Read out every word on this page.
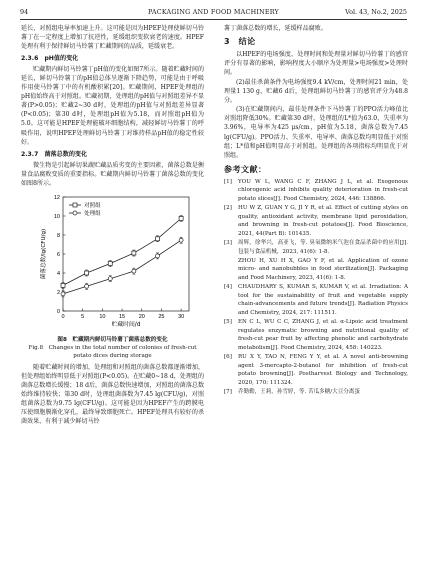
94	PACKAGING AND FOOD MACHINERY	Vol. 43, No.2, 2025

延长，对照组电导率加速上升。这可能是因为HPEF处理使鲜切马铃薯丁在一定程度上增加了抗逆性，延缓组织变软衰老的速度。HPEF处理有利于保持鲜切马铃薯丁贮藏期间的品质，延缓衰老。

2.3.6　pH值的变化

贮藏期内鲜切马铃薯丁pH值的变化如图7所示。随着贮藏时间的延长，鲜切马铃薯丁的pH值总体呈逐渐下降趋势，可能是由于呼吸作用使马铃薯丁中的有机酸积累[20]。贮藏期间，HPEF处理组的pH值始终高于对照组。贮藏初期，处理组的pH值与对照组差异不显著(P>0.05)；贮藏2~30 d时，处理组的pH值与对照组差异显著(P<0.05)；第30 d时，处理组pH值为5.18，而对照组pH值为5.0。这可能是HPEF处理能破坏细胞结构，减轻鲜切马铃薯丁的呼吸作用，说明HPEF处理鲜切马铃薯丁对维持样品pH值的稳定性较好。

2.3.7　菌落总数的变化

微生物是引起鲜切果蔬贮藏品质劣变的主要因素，菌落总数是衡量食品腐败变质的重要指标。贮藏期内鲜切马铃薯丁菌落总数的变化如图8所示。

0	5	10 15 20 25 30
0
2
4
6
8
10
12
贮藏时间/d
菌落总数/lg(CFU/g)
对照组
处理组
图8　贮藏期内鲜切马铃薯丁菌落总数的变化
Fig.8　Changes in the total number of colonies of fresh-cut
potato dices during storage

随着贮藏时间的增加，处理组和对照组的菌落总数都逐渐增加，但处理组始终明显低于对照组(P<0.05)。在贮藏0~18 d，处理组的菌落总数增长缓慢；18 d后，菌落总数快速增加，对照组的菌落总数始终维持较快；第30 d时，处理组菌落数为7.45 lg(CFU/g)，对照组菌落总数为9.75 lg(CFU/g)。这可能是因为HPEF产生的跨膜电压使细胞膜渐化穿孔，最终导致细胞死亡。HPEF处理具有较好的杀菌效果，有利于减少鲜切马铃

薯丁菌落总数的增长，延缓样品腐败。

3　结论

以HPEF的电场强度、处理时间和处理量对鲜切马铃薯丁的感官评分有显著的影响，影响程度大小顺序为处理量>电场强度>处理时间。

(2)最佳杀菌条件为电场强度9.4 kV/cm，处理时间21 min，处理量1 130 g，贮藏6 d后，处理组鲜切马铃薯丁的感官评分为48.8分。

(3)在贮藏期间内，最佳处理条件下马铃薯丁的PPO活力峰值比对照组降低30%。贮藏第30 d时，处理组的L*值为63.0，失重率为3.96%，电导率为425 μs/cm，pH值为5.18，菌落总数为7.45 lg(CFU/g)。PPO活力、失重率、电导率、菌落总数均明显低于对照组；L*值和pH值明显高于对照组。处理组的各项指标均明显优于对照组。

参考文献：
[1]	YOU W L, WANG C F, ZHANG J L, et al. Exogenous chlorogenic acid inhibits quality deterioration in fresh-cut potato slices[J]. Food Chemistry, 2024, 446: 138866.
[2]	HU W Z, GUAN Y G, JI Y R, et al. Effect of cutting styles on quality, antioxidant activity, membrane lipid peroxidation, and browning in fresh-cut potatoes[J]. Food Bioscience, 2021, 44(Part B): 101435.
[3]	周辉，徐华兴，高亚飞，等. 臭氧微纳米气泡在食品杀菌中的应用[J]. 包装与食品机械，2023, 41(6): 1-8.
ZHOU H, XU H X, GAO Y F, et al. Application of ozone micro- and nanobubbles in food sterilization[J]. Packaging and Food Machinery, 2023, 41(6): 1-8.
[4]	CHAUDHARY S, KUMAR S, KUMAR V, et al. Irradiation: A tool for the sustainability of fruit and vegetable supply chain-advancements and future trends[J]. Radiation Physics and Chemistry, 2024, 217: 111511.
[5]	EN C L, WU C C, ZHANG J, et al. α-Lipoic acid treatment regulates enzymatic browning and nutritional quality of fresh-cut pear fruit by affecting phenolic and carbohydrate metabolism[J]. Food Chemistry, 2024, 458: 140223.
[6]	RU X Y, TAO N, FENG Y Y, et al. A novel anti-browning agent 3-mercapto-2-butanol for inhibition of fresh-cut potato browning[J]. Postharvest Biology and Technology, 2020, 170: 111324.
[7]	乔勤勤，王莉，孙雪婷，等. 苦瓜多糖/大豆分离蛋
